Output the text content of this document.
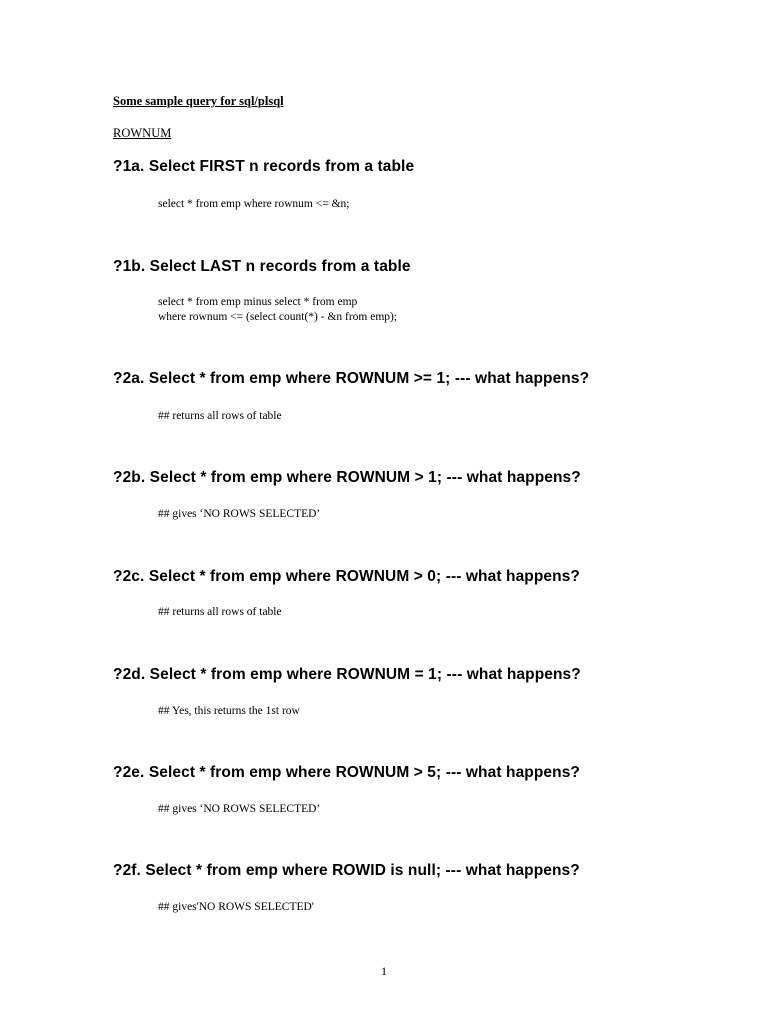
Some sample query for sql/plsql
ROWNUM
?1a. Select FIRST n records from a table
select * from emp where rownum <= &n;
?1b. Select LAST n records from a table
select * from emp minus select * from emp
where rownum <= (select count(*) - &n from emp);
?2a. Select * from emp where ROWNUM >= 1; --- what happens?
## returns all rows of table
?2b. Select * from emp where ROWNUM > 1; --- what happens?
## gives ‘NO ROWS SELECTED’
?2c. Select * from emp where ROWNUM > 0; --- what happens?
## returns all rows of table
?2d. Select * from emp where ROWNUM = 1; --- what happens?
## Yes, this returns the 1st row
?2e. Select * from emp where ROWNUM > 5; --- what happens?
## gives ‘NO ROWS SELECTED’
?2f. Select * from emp where ROWID is null; --- what happens?
## gives'NO ROWS SELECTED'
1
